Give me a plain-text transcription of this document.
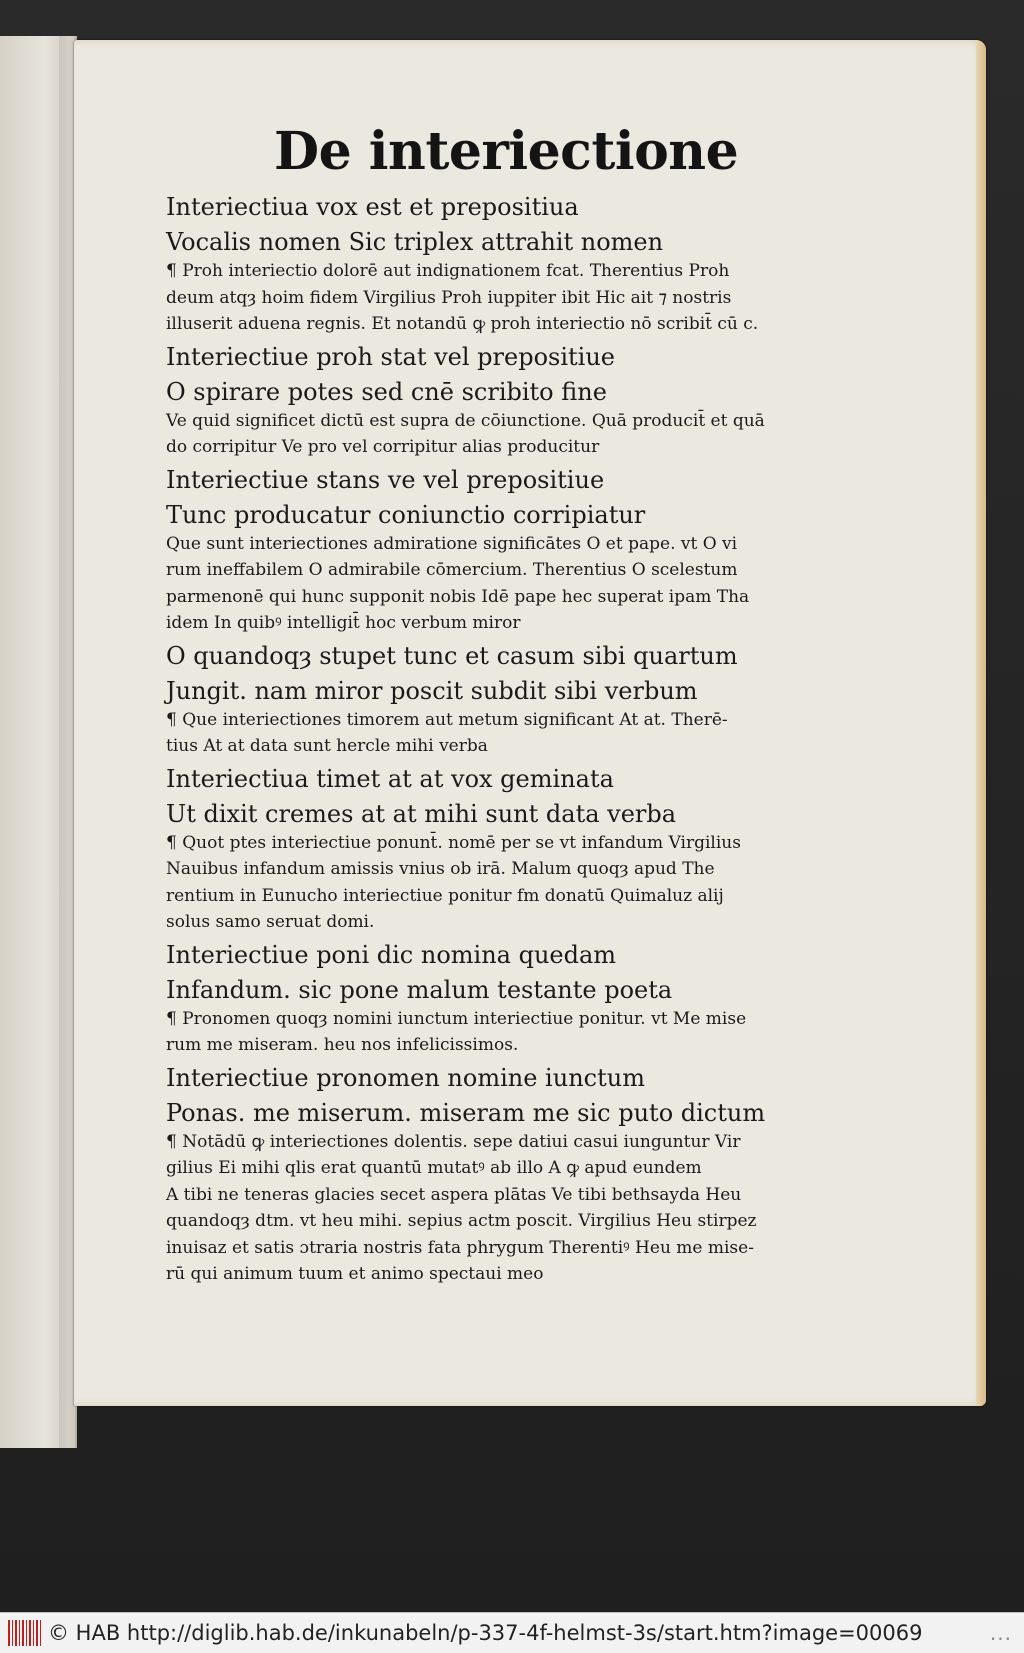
De interiectione

Interiectiua vox est et prepositiua

Vocalis nomen Sic triplex attrahit nomen

¶ Proh interiectio dolorē aut indignationem fcat. Therentius Proh

deum atqȝ hoim fidem Virgilius Proh iuppiter ibit Hic ait ⁊ nostris

illuserit aduena regnis. Et notandū ꝙ proh interiectio nō scribit̄ cū c.

Interiectiue proh stat vel prepositiue

O spirare potes sed cnē scribito fine

Ve quid significet dictū est supra de cōiunctione. Quā producit̄ et quā

do corripitur Ve pro vel corripitur alias producitur

Interiectiue stans ve vel prepositiue

Tunc producatur coniunctio corripiatur

Que sunt interiectiones admiratione significātes O et pape. vt O vi

rum ineffabilem O admirabile cōmercium. Therentius O scelestum

parmenonē qui hunc supponit nobis Idē pape hec superat ipam Tha

idem In quibꝰ intelligit̄ hoc verbum miror

O quandoqȝ stupet tunc et casum sibi quartum

Jungit. nam miror poscit subdit sibi verbum

¶ Que interiectiones timorem aut metum significant At at. Therē-

tius At at data sunt hercle mihi verba

Interiectiua timet at at vox geminata

Ut dixit cremes at at mihi sunt data verba

¶ Quot ptes interiectiue ponunt̄. nomē per se vt infandum Virgilius

Nauibus infandum amissis vnius ob irā. Malum quoqȝ apud The

rentium in Eunucho interiectiue ponitur fm donatū Quimaluz alij

solus samo seruat domi.

Interiectiue poni dic nomina quedam

Infandum. sic pone malum testante poeta

¶ Pronomen quoqȝ nomini iunctum interiectiue ponitur. vt Me mise

rum me miseram. heu nos infelicissimos.

Interiectiue pronomen nomine iunctum

Ponas. me miserum. miseram me sic puto dictum

¶ Notādū ꝙ interiectiones dolentis. sepe datiui casui iunguntur Vir

gilius Ei mihi qlis erat quantū mutatꝰ ab illo A ꝙ apud eundem

A tibi ne teneras glacies secet aspera plātas Ve tibi bethsayda Heu

quandoqȝ dtm. vt heu mihi. sepius actm poscit. Virgilius Heu stirpez

inuisaz et satis ɔtraria nostris fata phrygum Therentiꝰ Heu me mise-

rū qui animum tuum et animo spectaui meo

© HAB http://diglib.hab.de/inkunabeln/p-337-4f-helmst-3s/start.htm?image=00069	...
